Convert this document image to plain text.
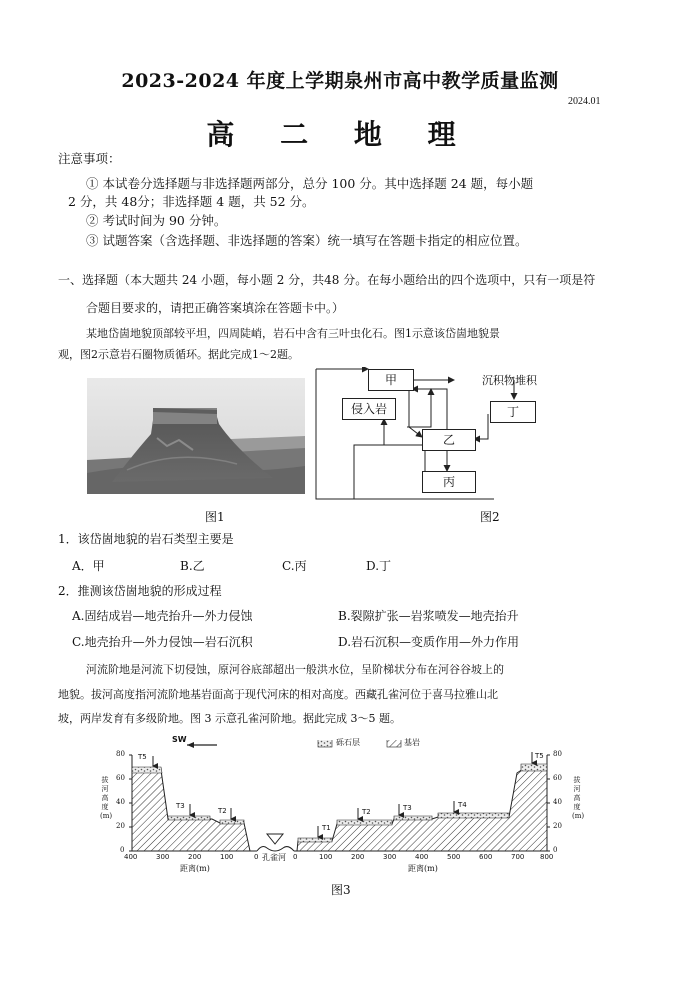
2023-2024 年度上学期泉州市高中教学质量监测
2024.01
高 二 地 理
注意事项：
① 本试卷分选择题与非选择题两部分，总分 100 分。其中选择题 24 题，每小题
2 分，共 48分；非选择题 4 题，共 52 分。
② 考试时间为 90 分钟。
③ 试题答案（含选择题、非选择题的答案）统一填写在答题卡指定的相应位置。
一、选择题（本大题共 24 小题，每小题 2 分，共48 分。在每小题给出的四个选项中，只有一项是符
合题目要求的，请把正确答案填涂在答题卡中。）
某地岱崮地貌顶部较平坦，四周陡峭，岩石中含有三叶虫化石。图1示意该岱崮地貌景
观，图2示意岩石圈物质循环。据此完成1～2题。
图1
甲	沉积物堆积
侵入岩	丁
乙
丙
图2
1．该岱崮地貌的岩石类型主要是
A．甲	B.乙	C.丙	D.丁
2．推测该岱崮地貌的形成过程
A.固结成岩—地壳抬升—外力侵蚀	B.裂隙扩张—岩浆喷发—地壳抬升
C.地壳抬升—外力侵蚀—岩石沉积	D.岩石沉积—变质作用—外力作用
河流阶地是河流下切侵蚀，原河谷底部超出一般洪水位，呈阶梯状分布在河谷谷坡上的
地貌。拔河高度指河流阶地基岩面高于现代河床的相对高度。西藏孔雀河位于喜马拉雅山北
坡，两岸发育有多级阶地。图 3 示意孔雀河阶地。据此完成 3～5 题。
SW	砾石层	基岩
拔河高度(m)
80
60
40
20
0
拔河高度(m)
80
60
40
20
0
T5
T3
T2
T1
T2	T3	T4
T5
400	300	200	100	0 孔雀河 0	100	200	300	400	500	600	700 800
距离(m)	距离(m)
图3
